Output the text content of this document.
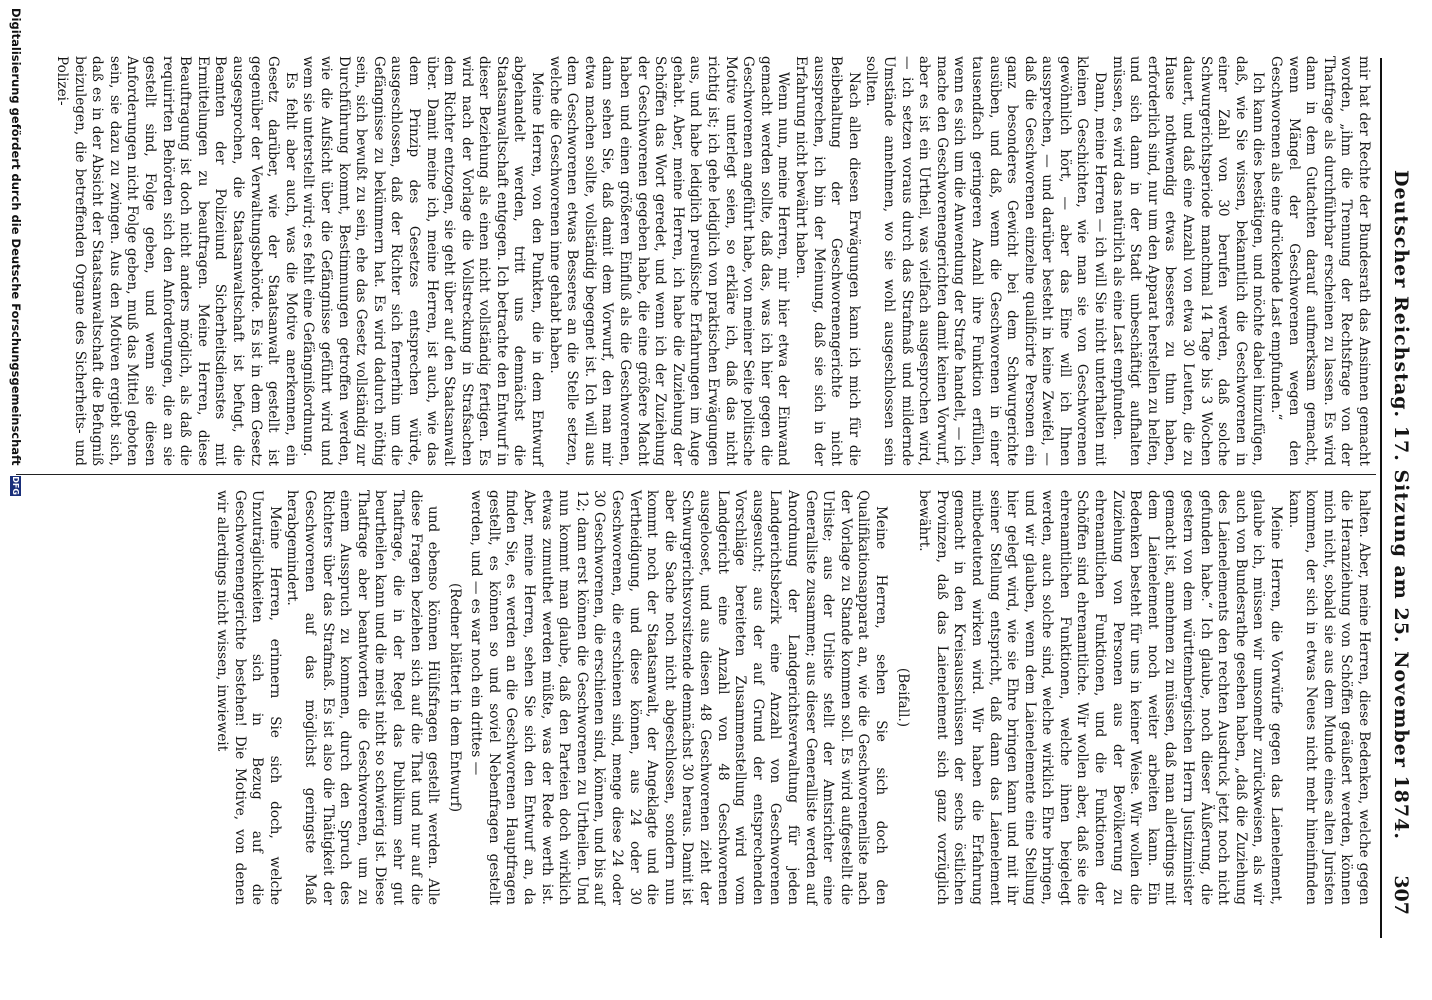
Deutscher Reichstag. 17. Sitzung am 25. November 1874.
307

mir hat der Rechte der Bundesrath das Ansinnen gemacht worden, „ihm die Trennung der Rechtsfrage von der Thatfrage als durchführbar erscheinen zu lassen. Es wird dann in dem Gutachten darauf aufmerksam gemacht, wenn Mängel der Geschworenen wegen den Geschworenen als eine drückende Last empfunden.“

Ich kann dies bestätigen, und möchte dabei hinzufügen, daß, wie Sie wissen, bekanntlich die Geschworenen in einer Zahl von 30 berufen werden, daß solche Schwurgerichtsperiode manchmal 14 Tage bis 3 Wochen dauert, und daß eine Anzahl von etwa 30 Leuten, die zu Hause nothwendig etwas besseres zu thun haben, erforderlich sind, nur um den Apparat herstellen zu helfen, und sich dann in der Stadt unbeschäftigt aufhalten müssen, es wird das natürlich als eine Last empfunden.

Dann, meine Herren — ich will Sie nicht unterhalten mit kleinen Geschichten, wie man sie von Geschworenen gewöhnlich hört, — aber das Eine will ich Ihnen aussprechen, — und darüber besteht in keine Zweifel, — daß die Geschworenen einzelne qualificirte Personen ein ganz besonderes Gewicht bei dem Schwurgerichte ausüben, und daß, wenn die Geschworenen in einer tausendfach geringeren Anzahl ihre Funktion erfüllen, wenn es sich um die Anwendung der Strafe handelt, — ich mache den Geschworenengerichten damit keinen Vorwurf, aber es ist ein Urtheil, was vielfach ausgesprochen wird, — ich setzen voraus durch das Strafmaß und mildernde Umstände annehmen, wo sie wohl ausgeschlossen sein sollten.

Nach allen diesen Erwägungen kann ich mich für die Beibehaltung der Geschworenengerichte nicht aussprechen, ich bin der Meinung, daß sie sich in der Erfahrung nicht bewährt haben.

Wenn nun, meine Herren, mir hier etwa der Einwand gemacht werden sollte, daß das, was ich hier gegen die Geschworenen angeführt habe, von meiner Seite politische Motive unterlegt seien, so erkläre ich, daß das nicht richtig ist; ich gehe lediglich von praktischen Erwägungen aus, und habe lediglich preußische Erfahrungen im Auge gehabt. Aber, meine Herren, ich habe die Zuziehung der Schöffen das Wort geredet, und wenn ich der Zuziehung der Geschworenen gegeben habe, die eine größere Macht haben und einen größeren Einfluß als die Geschworenen, dann sehen Sie, daß damit dem Vorwurf, den man mir etwa machen sollte, vollständig begegnet ist. Ich will aus dem Geschworenen etwas Besseres an die Stelle setzen, welche die Geschworenen inne gehabt haben.

Meine Herren, von den Punkten, die in dem Entwurf abgehandelt werden, tritt uns demnächst die Staatsanwaltschaft entgegen. Ich betrachte den Entwurf in dieser Beziehung als einen nicht vollständig fertigen. Es wird nach der Vorlage die Vollstreckung in Strafsachen dem Richter entzogen, sie geht über auf den Staatsanwalt über. Damit meine ich, meine Herren, ist auch, wie das dem Prinzip des Gesetzes entsprechen würde, ausgeschlossen, daß der Richter sich fernerhin um die Gefängnisse zu bekümmern hat. Es wird dadurch nöthig sein, sich bewußt zu sein, ehe das Gesetz vollständig zur Durchführung kommt, Bestimmungen getroffen werden, wie die Aufsicht über die Gefängnisse geführt wird und wem sie unterstellt wird; es fehlt eine Gefängnißordnung.

Es fehlt aber auch, was die Motive anerkennen, ein Gesetz darüber, wie der Staatsanwalt gestellt ist gegenüber der Verwaltungsbehörde. Es ist in dem Gesetz ausgesprochen, die Staatsanwaltschaft ist befugt, die Beamten der Polizeiund Sicherheitsdienstes mit Ermittelungen zu beauftragen. Meine Herren, diese Beauftragung ist doch nicht anders möglich, als daß die requirirten Behörden sich den Anforderungen, die an sie gestellt sind, Folge geben, und wenn sie diesen Anforderungen nicht Folge geben, muß das Mittel geboten sein, sie dazu zu zwingen. Aus den Motiven ergiebt sich, daß es in der Absicht der Staatsanwaltschaft die Befugniß beizulegen, die betreffenden Organe des Sicherheits- und Polizei-

halten. Aber, meine Herren, diese Bedenken, welche gegen die Heranziehung von Schöffen geäußert werden, können mich nicht, sobald sie aus dem Munde eines alten Juristen kommen, der sich in etwas Neues nicht mehr hineinfinden kann.

Meine Herren, die Vorwürfe gegen das Laienelement, glaube ich, müssen wir umsomehr zurückweisen, als wir auch von Bundesrathe gesehen haben, „daß die Zuziehung des Laienelements den rechten Ausdruck jetzt noch nicht gefunden habe.“ Ich glaube, noch dieser Äußerung, die gestern von dem württembergischen Herrn Justizminister gemacht ist, annehmen zu müssen, daß man allerdings mit dem Laienelement noch weiter arbeiten kann. Ein Bedenken besteht für uns in keiner Weise. Wir wollen die Zuziehung von Personen aus der Bevölkerung zu ehrenamtlichen Funktionen, und die Funktionen der Schöffen sind ehrenamtliche. Wir wollen aber, daß sie die ehrenamtlichen Funktionen, welche ihnen beigelegt werden, auch solche sind, welche wirklich Ehre bringen, und wir glauben, wenn dem Laienelemente eine Stellung hier gelegt wird, wie sie Ehre bringen kann und mit ihr seiner Stellung entspricht, daß dann das Laienelement mitbedeutend wirken wird. Wir haben die Erfahrung gemacht in den Kreisausschüssen der sechs östlichen Provinzen, daß das Laienelement sich ganz vorzüglich bewährt.

(Beifall.)

Meine Herren, sehen Sie sich doch den Qualifikationsapparat an, wie die Geschworenenliste nach der Vorlage zu Stande kommen soll. Es wird aufgestellt die Urliste; aus der Urliste stellt der Amtsrichter eine Generalliste zusammen; aus dieser Generalliste werden auf Anordnung der Landgerichtsverwaltung für jeden Landgerichtsbezirk eine Anzahl von Geschworenen ausgesucht; aus der auf Grund der entsprechenden Vorschläge bereiteten Zusammenstellung wird vom Landgericht eine Anzahl von 48 Geschworenen ausgelooset, und aus diesen 48 Geschworenen zieht der Schwurgerichtsvorsitzende demnächst 30 heraus. Damit ist aber die Sache noch nicht abgeschlossen, sondern nun kommt noch der Staatsanwalt, der Angeklagte und die Vertheidigung, und diese können, aus 24 oder 30 Geschworenen, die erschienen sind, menge diese 24 oder 30 Geschworenen, die erschienen sind, können, und bis auf 12; dann erst können die Geschworenen zu Urtheilen. Und nun kommt man glaube, daß den Parteien doch wirklich etwas zumuthet werden müßte, was der Rede werth ist. Aber, meine Herren, sehen Sie sich den Entwurf an, da finden Sie, es werden an die Geschworenen Hauptfragen gestellt, es können so und soviel Nebenfragen gestellt werden, und — es war noch ein drittes —

(Redner blättert in dem Entwurf)

und ebenso können Hülfsfragen gestellt werden. Alle diese Fragen beziehen sich auf die That und nur auf die Thatfrage, die in der Regel das Publikum sehr gut beurtheilen kann und die meist nicht so schwierig ist. Diese Thatfrage aber beantworten die Geschworenen, um zu einem Ausspruch zu kommen, durch den Spruch des Richters über das Strafmaß. Es ist also die Thätigkeit der Geschworenen auf das möglichst geringste Maß herabgemindert.

Meine Herren, erinnern Sie sich doch, welche Unzuträglichkeiten sich in Bezug auf die Geschworenengerichte bestehen! Die Motive, von denen wir allerdings nicht wissen, inwieweit

Digitalisierung gefördert durch die Deutsche Forschungsgemeinschaft DFG
